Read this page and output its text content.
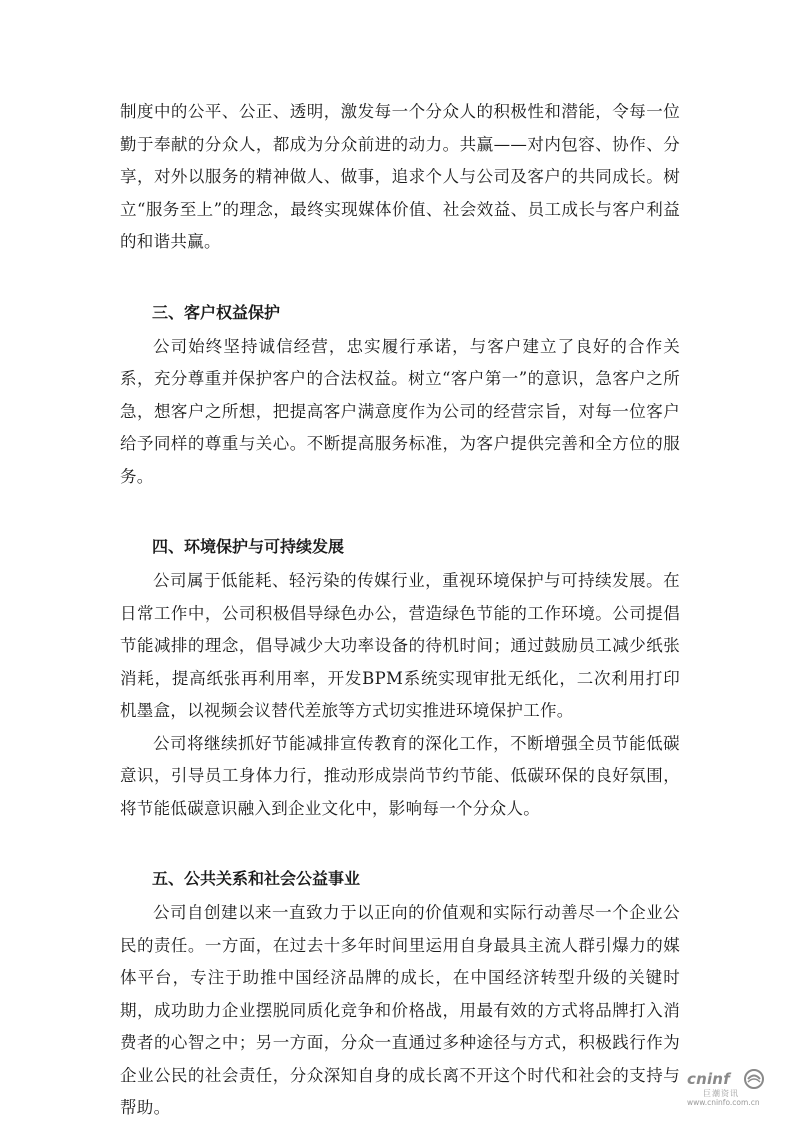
制度中的公平、公正、透明，激发每一个分众人的积极性和潜能，令每一位勤于奉献的分众人，都成为分众前进的动力。共赢——对内包容、协作、分享，对外以服务的精神做人、做事，追求个人与公司及客户的共同成长。树立“服务至上”的理念，最终实现媒体价值、社会效益、员工成长与客户利益的和谐共赢。

三、客户权益保护

公司始终坚持诚信经营，忠实履行承诺，与客户建立了良好的合作关系，充分尊重并保护客户的合法权益。树立“客户第一”的意识，急客户之所急，想客户之所想，把提高客户满意度作为公司的经营宗旨，对每一位客户给予同样的尊重与关心。不断提高服务标准，为客户提供完善和全方位的服务。

四、环境保护与可持续发展

公司属于低能耗、轻污染的传媒行业，重视环境保护与可持续发展。在日常工作中，公司积极倡导绿色办公，营造绿色节能的工作环境。公司提倡节能减排的理念，倡导减少大功率设备的待机时间；通过鼓励员工减少纸张消耗，提高纸张再利用率，开发BPM系统实现审批无纸化，二次利用打印机墨盒，以视频会议替代差旅等方式切实推进环境保护工作。

公司将继续抓好节能减排宣传教育的深化工作，不断增强全员节能低碳意识，引导员工身体力行，推动形成崇尚节约节能、低碳环保的良好氛围，将节能低碳意识融入到企业文化中，影响每一个分众人。

五、公共关系和社会公益事业

公司自创建以来一直致力于以正向的价值观和实际行动善尽一个企业公民的责任。一方面，在过去十多年时间里运用自身最具主流人群引爆力的媒体平台，专注于助推中国经济品牌的成长，在中国经济转型升级的关键时期，成功助力企业摆脱同质化竞争和价格战，用最有效的方式将品牌打入消费者的心智之中；另一方面，分众一直通过多种途径与方式，积极践行作为企业公民的社会责任，分众深知自身的成长离不开这个时代和社会的支持与帮助。

cninf
巨潮资讯
www.cninfo.com.cn
